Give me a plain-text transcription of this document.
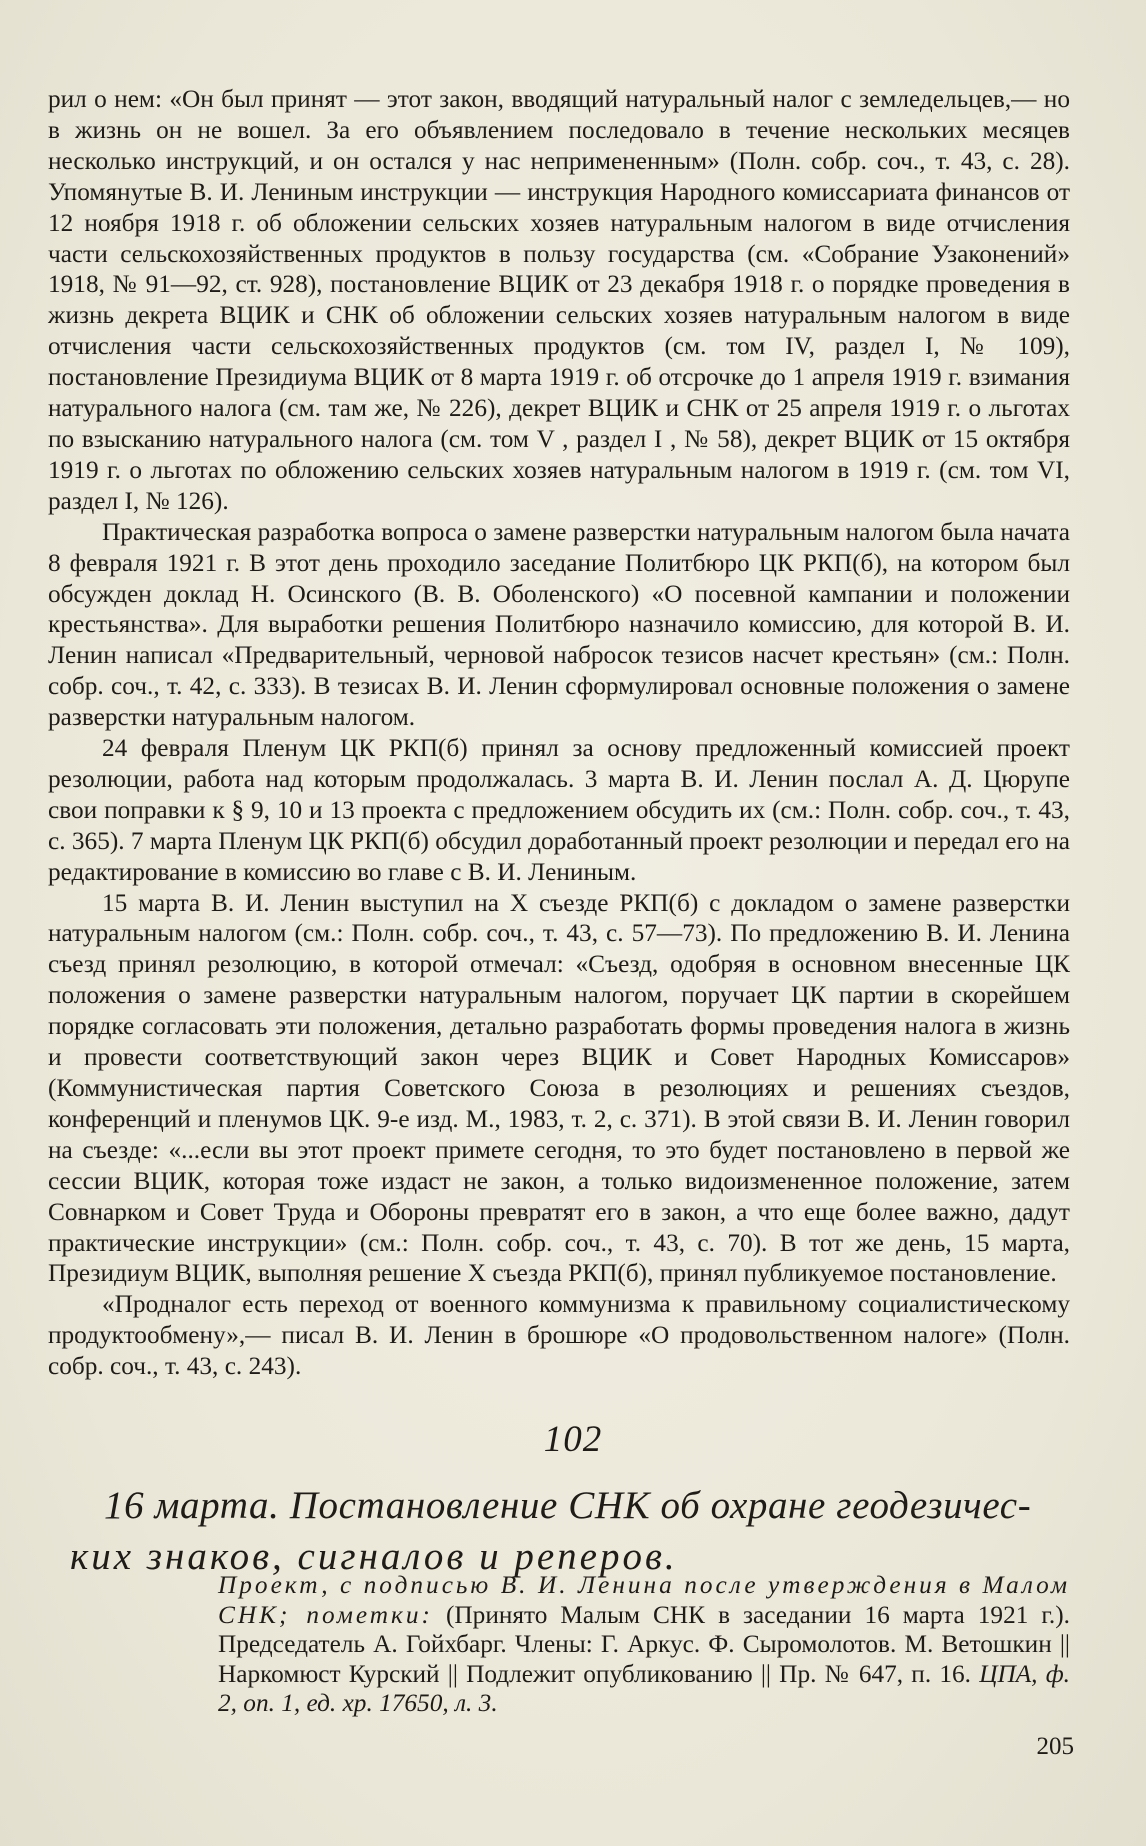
рил о нем: «Он был принят — этот закон, вводящий натуральный налог с земледельцев,— но в жизнь он не вошел. За его объявлением последовало в течение нескольких месяцев несколько инструкций, и он остался у нас непримененным» (Полн. собр. соч., т. 43, с. 28). Упомянутые В. И. Лениным инструкции — инструкция Народного комиссариата финансов от 12 ноября 1918 г. об обложении сельских хозяев натуральным налогом в виде отчисления части сельскохозяйственных продуктов в пользу государства (см. «Собрание Узаконений» 1918, № 91—92, ст. 928), постановление ВЦИК от 23 декабря 1918 г. о порядке проведения в жизнь декрета ВЦИК и СНК об обложении сельских хозяев натуральным налогом в виде отчисления части сельскохозяйственных продуктов (см. том IV, раздел I, № 109), постановление Президиума ВЦИК от 8 марта 1919 г. об отсрочке до 1 апреля 1919 г. взимания натурального налога (см. там же, № 226), декрет ВЦИК и СНК от 25 апреля 1919 г. о льготах по взысканию натурального налога (см. том V , раздел I , № 58), декрет ВЦИК от 15 октября 1919 г. о льготах по обложению сельских хозяев натуральным налогом в 1919 г. (см. том VI, раздел I, № 126).

Практическая разработка вопроса о замене разверстки натуральным налогом была начата 8 февраля 1921 г. В этот день проходило заседание Политбюро ЦК РКП(б), на котором был обсужден доклад Н. Осинского (В. В. Оболенского) «О посевной кампании и положении крестьянства». Для выработки решения Политбюро назначило комиссию, для которой В. И. Ленин написал «Предварительный, черновой набросок тезисов насчет крестьян» (см.: Полн. собр. соч., т. 42, с. 333). В тезисах В. И. Ленин сформулировал основные положения о замене разверстки натуральным налогом.

24 февраля Пленум ЦК РКП(б) принял за основу предложенный комиссией проект резолюции, работа над которым продолжалась. 3 марта В. И. Ленин послал А. Д. Цюрупе свои поправки к § 9, 10 и 13 проекта с предложением обсудить их (см.: Полн. собр. соч., т. 43, с. 365). 7 марта Пленум ЦК РКП(б) обсудил доработанный проект резолюции и передал его на редактирование в комиссию во главе с В. И. Лениным.

15 марта В. И. Ленин выступил на X съезде РКП(б) с докладом о замене разверстки натуральным налогом (см.: Полн. собр. соч., т. 43, с. 57—73). По предложению В. И. Ленина съезд принял резолюцию, в которой отмечал: «Съезд, одобряя в основном внесенные ЦК положения о замене разверстки натуральным налогом, поручает ЦК партии в скорейшем порядке согласовать эти положения, детально разработать формы проведения налога в жизнь и провести соответствующий закон через ВЦИК и Совет Народных Комиссаров» (Коммунистическая партия Советского Союза в резолюциях и решениях съездов, конференций и пленумов ЦК. 9-е изд. М., 1983, т. 2, с. 371). В этой связи В. И. Ленин говорил на съезде: «...если вы этот проект примете сегодня, то это будет постановлено в первой же сессии ВЦИК, которая тоже издаст не закон, а только видоизмененное положение, затем Совнарком и Совет Труда и Обороны превратят его в закон, а что еще более важно, дадут практические инструкции» (см.: Полн. собр. соч., т. 43, с. 70). В тот же день, 15 марта, Президиум ВЦИК, выполняя решение X съезда РКП(б), принял публикуемое постановление.

«Продналог есть переход от военного коммунизма к правильному социалистическому продуктообмену»,— писал В. И. Ленин в брошюре «О продовольственном налоге» (Полн. собр. соч., т. 43, с. 243).

102
16 марта. Постановление СНК об охране геодезичес-
ких знаков, сигналов и реперов.

Проект, с подписью В. И. Ленина после утверждения в Малом СНК; пометки: (Принято Малым СНК в заседании 16 марта 1921 г.). Председатель А. Гойхбарг. Члены: Г. Аркус. Ф. Сыромолотов. М. Ветошкин || Наркомюст Курский || Подлежит опубликованию || Пр. № 647, п. 16. ЦПА, ф. 2, оп. 1, ед. хр. 17650, л. 3.

205
